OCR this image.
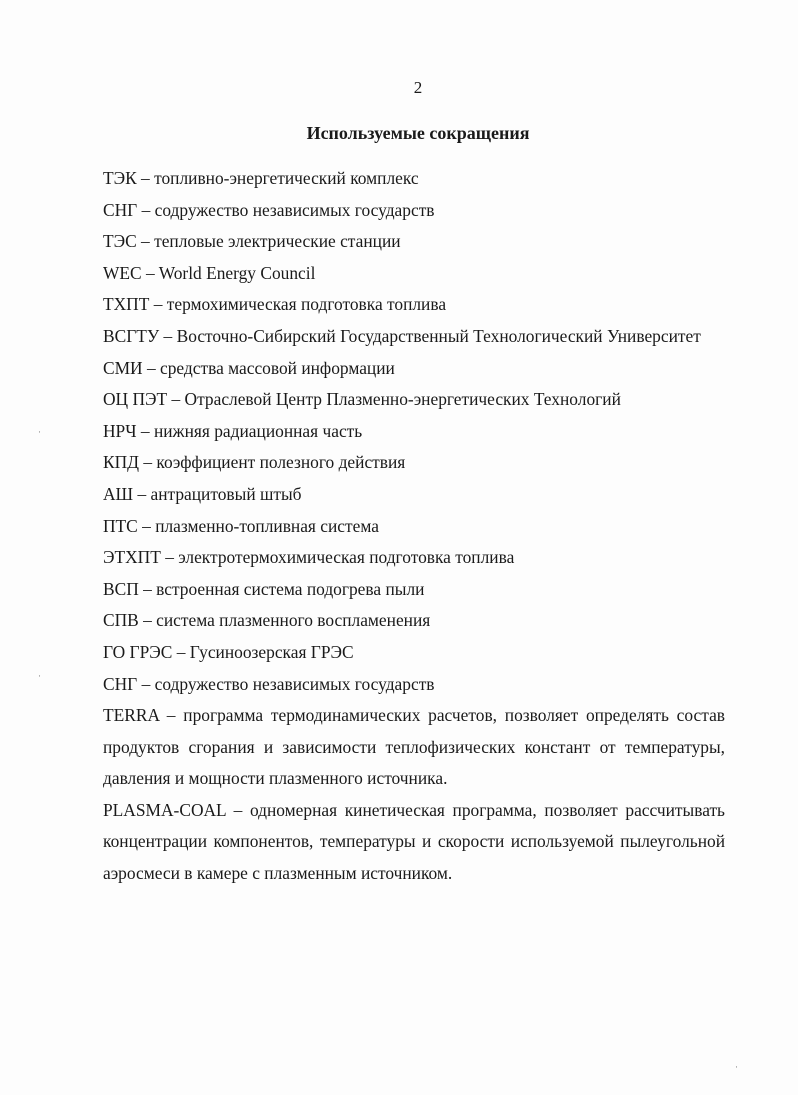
2
Используемые сокращения
ТЭК – топливно-энергетический комплекс
СНГ – содружество независимых государств
ТЭС – тепловые электрические станции
WEC – World Energy Council
ТХПТ – термохимическая подготовка топлива
ВСГТУ – Восточно-Сибирский Государственный Технологический Университет
СМИ – средства массовой информации
ОЦ ПЭТ – Отраслевой Центр Плазменно-энергетических Технологий
НРЧ – нижняя радиационная часть
КПД – коэффициент полезного действия
АШ – антрацитовый штыб
ПТС – плазменно-топливная система
ЭТХПТ – электротермохимическая подготовка топлива
ВСП – встроенная система подогрева пыли
СПВ – система плазменного воспламенения
ГО ГРЭС – Гусиноозерская ГРЭС
СНГ – содружество независимых государств
TERRA – программа термодинамических расчетов, позволяет определять состав продуктов сгорания и зависимости теплофизических констант от температуры, давления и мощности плазменного источника.
PLASMA-COAL – одномерная кинетическая программа, позволяет рассчитывать концентрации компонентов, температуры и скорости используемой пылеугольной аэросмеси в камере с плазменным источником.
·
·
·
